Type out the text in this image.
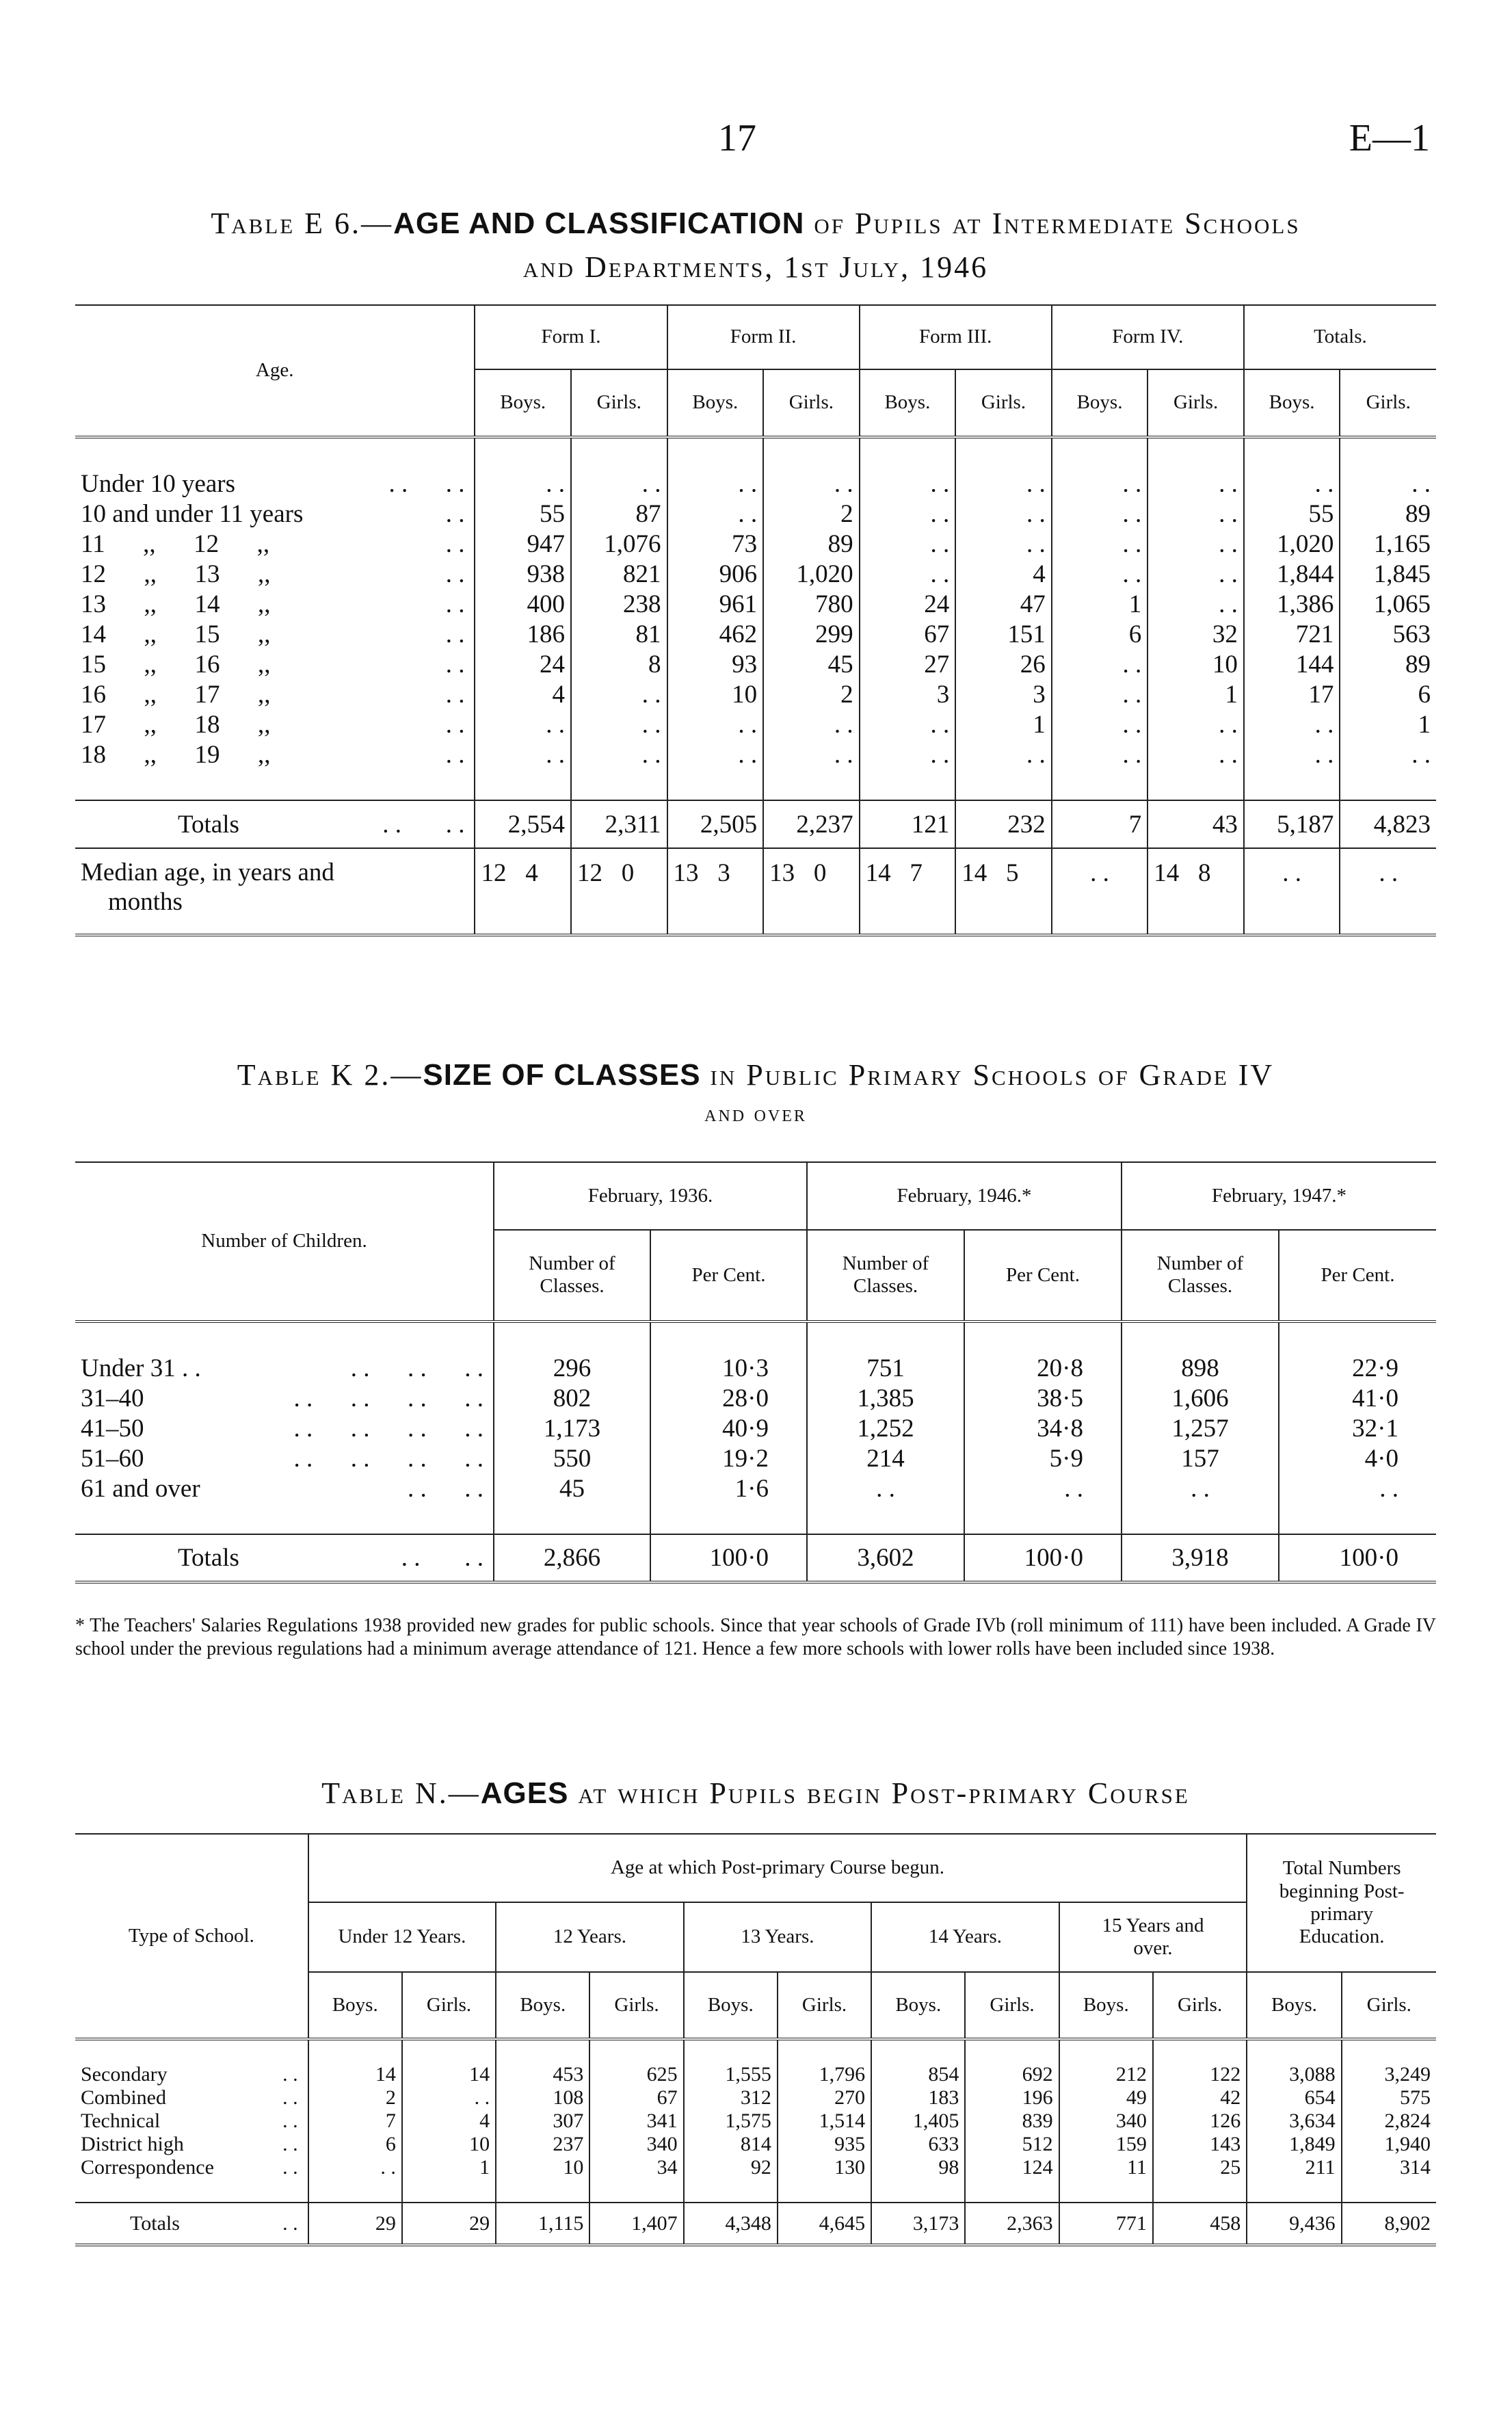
17	E—1
Table E 6.—AGE AND CLASSIFICATION of Pupils at Intermediate Schools
and Departments, 1st July, 1946
Age.	Form I.		Form II.		Form III.		Form IV.		Totals.	
	Boys.	Girls.	Boys.	Girls.	Boys.	Girls.	Boys.	Girls.	Boys.	Girls.

Under 10 years . .      . .	. .	. .	. .	. .	. .	. .	. .	. .	. .	. .
10 and under 11 years . .	55	87	. .	2	. .	. .	. .	. .	55	89
11      ,,      12      ,, . .	947	1,076	73	89	. .	. .	. .	. .	1,020	1,165
12      ,,      13      ,, . .	938	821	906	1,020	. .	4	. .	. .	1,844	1,845
13      ,,      14      ,, . .	400	238	961	780	24	47	1	. .	1,386	1,065
14      ,,      15      ,, . .	186	81	462	299	67	151	6	32	721	563
15      ,,      16      ,, . .	24	8	93	45	27	26	. .	10	144	89
16      ,,      17      ,, . .	4	. .	10	2	3	3	. .	1	17	6
17      ,,      18      ,, . .	. .	. .	. .	. .	. .	1	. .	. .	. .	1
18      ,,      19      ,, . .	. .	. .	. .	. .	. .	. .	. .	. .	. .	. .

Totals . .       . .	2,554	2,311	2,505	2,237	121	232	7	43	5,187	4,823

Median age, in years and
months	12   4	12   0	13   3	13   0	14   7	14   5	. .	14   8	. .	. .
Table K 2.—SIZE OF CLASSES in Public Primary Schools of Grade IV
and over
Number of Children.	February, 1936.		February, 1946.*		February, 1947.*	
	Number of Classes.	Per Cent.	Number of Classes.	Per Cent.	Number of Classes.	Per Cent.

Under 31 . . . .      . .      . .	296	10·3	751	20·8	898	22·9
31–40 . .      . .      . .      . .	802	28·0	1,385	38·5	1,606	41·0
41–50 . .      . .      . .      . .	1,173	40·9	1,252	34·8	1,257	32·1
51–60 . .      . .      . .      . .	550	19·2	214	5·9	157	4·0
61 and over . .      . .	45	1·6	. .	. .	. .	. .

Totals . .       . .	2,866	100·0	3,602	100·0	3,918	100·0
* The Teachers' Salaries Regulations 1938 provided new grades for public schools. Since that year schools of Grade IVb (roll minimum of 111) have been included. A Grade IV school under the previous regulations had a minimum average attendance of 121. Hence a few more schools with lower rolls have been included since 1938.
Table N.—AGES at which Pupils begin Post-primary Course
Type of School.	Age at which Post-primary Course begun.										Total Numbers beginning Post-primary Education.	
	Under 12 Years.		12 Years.		13 Years.		14 Years.		15 Years and over.			
	Boys.	Girls.	Boys.	Girls.	Boys.	Girls.	Boys.	Girls.	Boys.	Girls.	Boys.	Girls.

Secondary . .	14	14	453	625	1,555	1,796	854	692	212	122	3,088	3,249
Combined . .	2	. .	108	67	312	270	183	196	49	42	654	575
Technical . .	7	4	307	341	1,575	1,514	1,405	839	340	126	3,634	2,824
District high . .	6	10	237	340	814	935	633	512	159	143	1,849	1,940
Correspondence . .	. .	1	10	34	92	130	98	124	11	25	211	314

Totals . .	29	29	1,115	1,407	4,348	4,645	3,173	2,363	771	458	9,436	8,902
